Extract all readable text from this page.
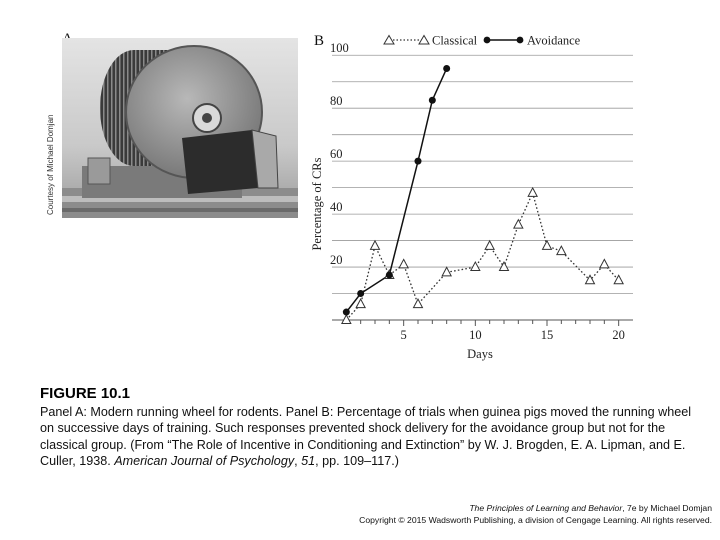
Courtesy of Michael Domjan
5	10	15	20
20
40
60
80
100
B
Days
Percentage of CRs
Classical	Avoidance
FIGURE 10.1
Panel A: Modern running wheel for rodents. Panel B: Percentage of trials when guinea pigs moved the running wheel on successive days of training. Such responses prevented shock delivery for the avoidance group but not for the classical group. (From “The Role of Incentive in Conditioning and Extinction” by W. J. Brogden, E. A. Lipman, and E. Culler, 1938. American Journal of Psychology, 51, pp. 109–117.)
The Principles of Learning and Behavior, 7e by Michael Domjan
Copyright © 2015 Wadsworth Publishing, a division of Cengage Learning. All rights reserved.
